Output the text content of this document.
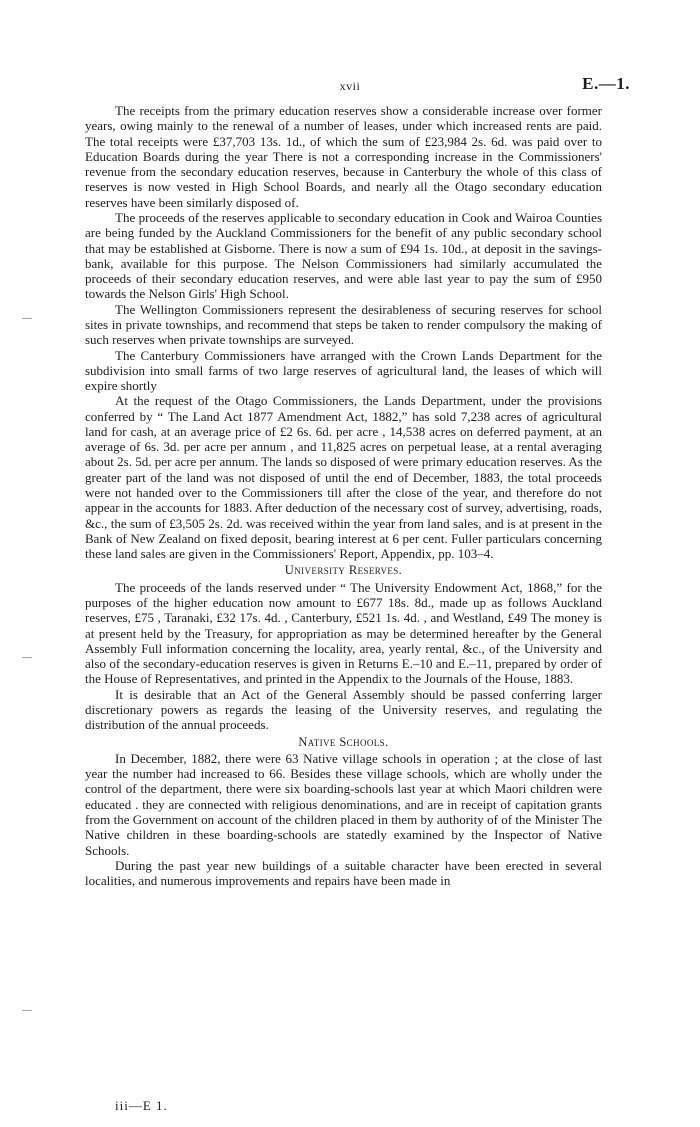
xvii	E.—1.

The receipts from the primary education reserves show a considerable increase over former years, owing mainly to the renewal of a number of leases, under which increased rents are paid. The total receipts were £37,703 13s. 1d., of which the sum of £23,984 2s. 6d. was paid over to Education Boards during the year There is not a corresponding increase in the Commissioners' revenue from the secondary education reserves, because in Canterbury the whole of this class of reserves is now vested in High School Boards, and nearly all the Otago secondary education reserves have been similarly disposed of.

The proceeds of the reserves applicable to secondary education in Cook and Wairoa Counties are being funded by the Auckland Commissioners for the benefit of any public secondary school that may be established at Gisborne. There is now a sum of £94 1s. 10d., at deposit in the savings-bank, available for this purpose. The Nelson Commissioners had similarly accumulated the proceeds of their secondary education reserves, and were able last year to pay the sum of £950 towards the Nelson Girls' High School.

The Wellington Commissioners represent the desirableness of securing reserves for school sites in private townships, and recommend that steps be taken to render compulsory the making of such reserves when private townships are surveyed.

The Canterbury Commissioners have arranged with the Crown Lands Department for the subdivision into small farms of two large reserves of agricultural land, the leases of which will expire shortly

At the request of the Otago Commissioners, the Lands Department, under the provisions conferred by “ The Land Act 1877 Amendment Act, 1882,” has sold 7,238 acres of agricultural land for cash, at an average price of £2 6s. 6d. per acre , 14,538 acres on deferred payment, at an average of 6s. 3d. per acre per annum , and 11,825 acres on perpetual lease, at a rental averaging about 2s. 5d. per acre per annum. The lands so disposed of were primary education reserves. As the greater part of the land was not disposed of until the end of December, 1883, the total proceeds were not handed over to the Commissioners till after the close of the year, and therefore do not appear in the accounts for 1883. After deduction of the necessary cost of survey, advertising, roads, &c., the sum of £3,505 2s. 2d. was received within the year from land sales, and is at present in the Bank of New Zealand on fixed deposit, bearing interest at 6 per cent. Fuller particulars concerning these land sales are given in the Commissioners' Report, Appendix, pp. 103–4.

University Reserves.

The proceeds of the lands reserved under “ The University Endowment Act, 1868,” for the purposes of the higher education now amount to £677 18s. 8d., made up as follows Auckland reserves, £75 , Taranaki, £32 17s. 4d. , Canterbury, £521 1s. 4d. , and Westland, £49 The money is at present held by the Treasury, for appropriation as may be determined hereafter by the General Assembly Full information concerning the locality, area, yearly rental, &c., of the University and also of the secondary-education reserves is given in Returns E.–10 and E.–11, prepared by order of the House of Representatives, and printed in the Appendix to the Journals of the House, 1883.

It is desirable that an Act of the General Assembly should be passed conferring larger discretionary powers as regards the leasing of the University reserves, and regulating the distribution of the annual proceeds.

Native Schools.

In December, 1882, there were 63 Native village schools in operation ; at the close of last year the number had increased to 66. Besides these village schools, which are wholly under the control of the department, there were six boarding-schools last year at which Maori children were educated . they are connected with religious denominations, and are in receipt of capitation grants from the Government on account of the children placed in them by authority of of the Minister The Native children in these boarding-schools are statedly examined by the Inspector of Native Schools.

During the past year new buildings of a suitable character have been erected in several localities, and numerous improvements and repairs have been made in

iii—E 1.
